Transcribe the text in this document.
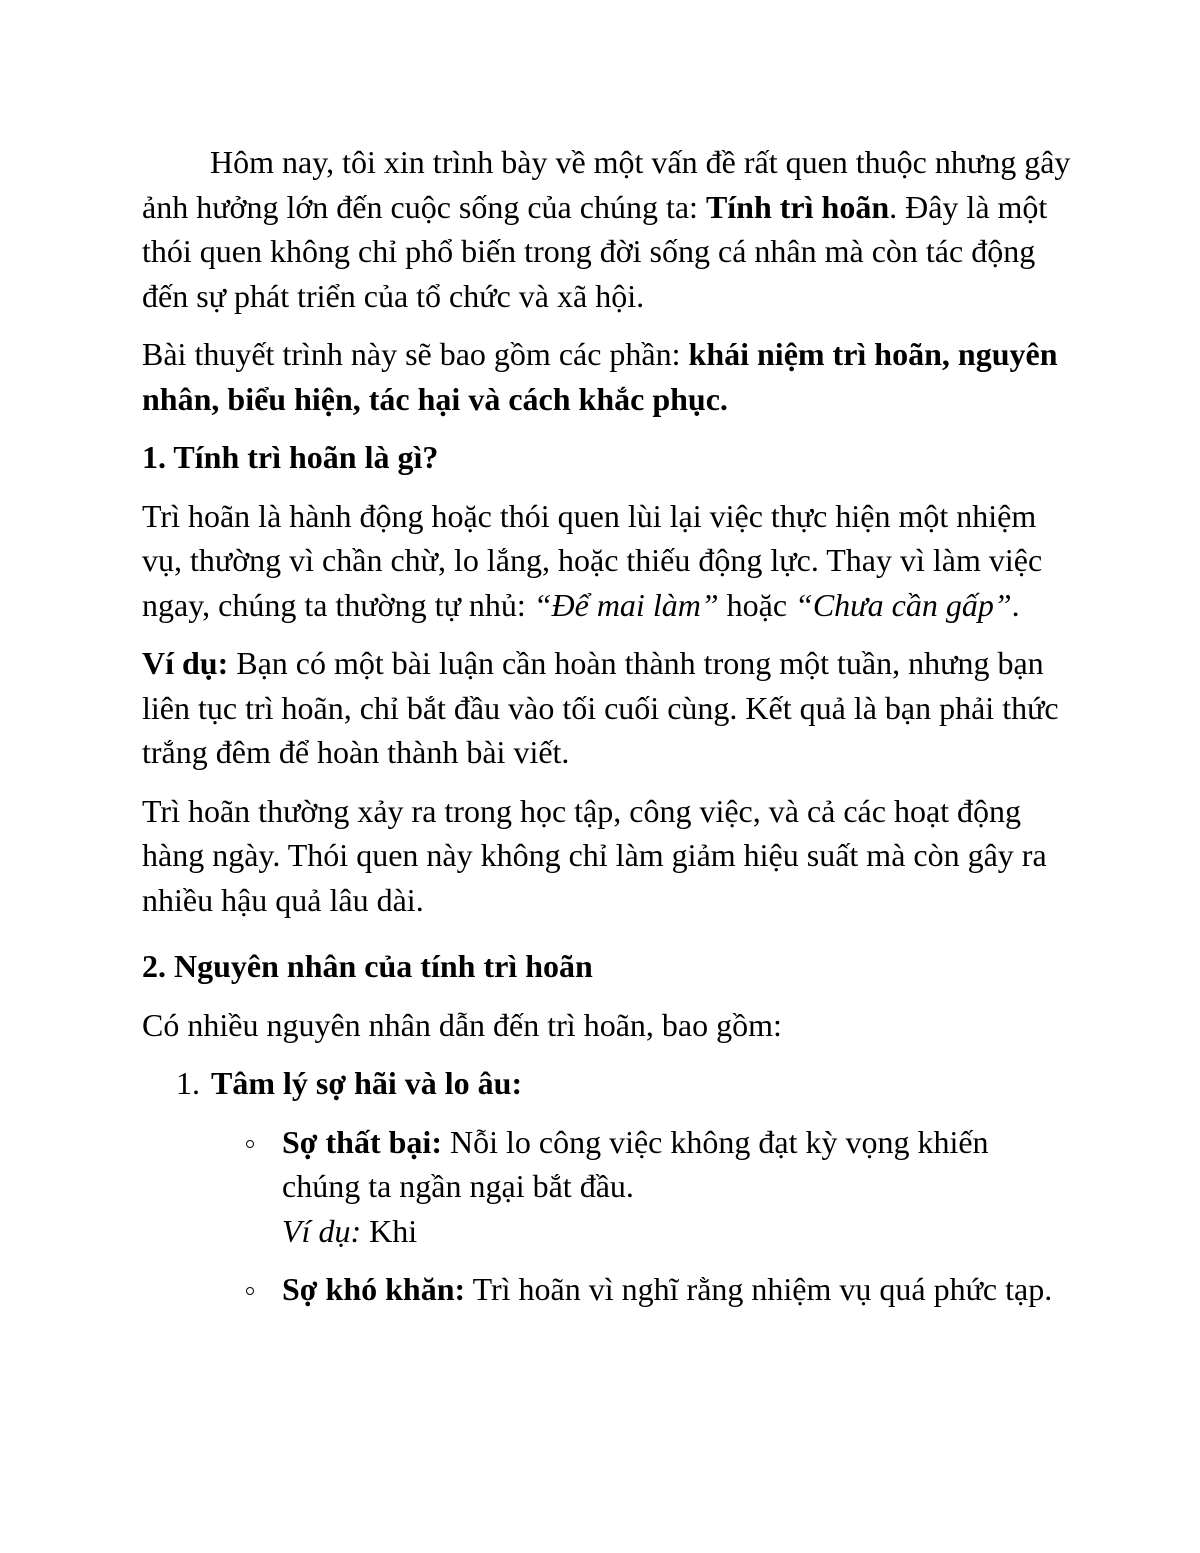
Hôm nay, tôi xin trình bày về một vấn đề rất quen thuộc nhưng gây ảnh hưởng lớn đến cuộc sống của chúng ta: Tính trì hoãn. Đây là một thói quen không chỉ phổ biến trong đời sống cá nhân mà còn tác động đến sự phát triển của tổ chức và xã hội.

Bài thuyết trình này sẽ bao gồm các phần: khái niệm trì hoãn, nguyên nhân, biểu hiện, tác hại và cách khắc phục.

1. Tính trì hoãn là gì?

Trì hoãn là hành động hoặc thói quen lùi lại việc thực hiện một nhiệm vụ, thường vì chần chừ, lo lắng, hoặc thiếu động lực. Thay vì làm việc ngay, chúng ta thường tự nhủ: “Để mai làm” hoặc “Chưa cần gấp”.

Ví dụ: Bạn có một bài luận cần hoàn thành trong một tuần, nhưng bạn liên tục trì hoãn, chỉ bắt đầu vào tối cuối cùng. Kết quả là bạn phải thức trắng đêm để hoàn thành bài viết.

Trì hoãn thường xảy ra trong học tập, công việc, và cả các hoạt động hàng ngày. Thói quen này không chỉ làm giảm hiệu suất mà còn gây ra nhiều hậu quả lâu dài.

2. Nguyên nhân của tính trì hoãn

Có nhiều nguyên nhân dẫn đến trì hoãn, bao gồm:

1. Tâm lý sợ hãi và lo âu:

Sợ thất bại: Nỗi lo công việc không đạt kỳ vọng khiến chúng ta ngần ngại bắt đầu.
Ví dụ: Khi
Sợ khó khăn: Trì hoãn vì nghĩ rằng nhiệm vụ quá phức tạp.
